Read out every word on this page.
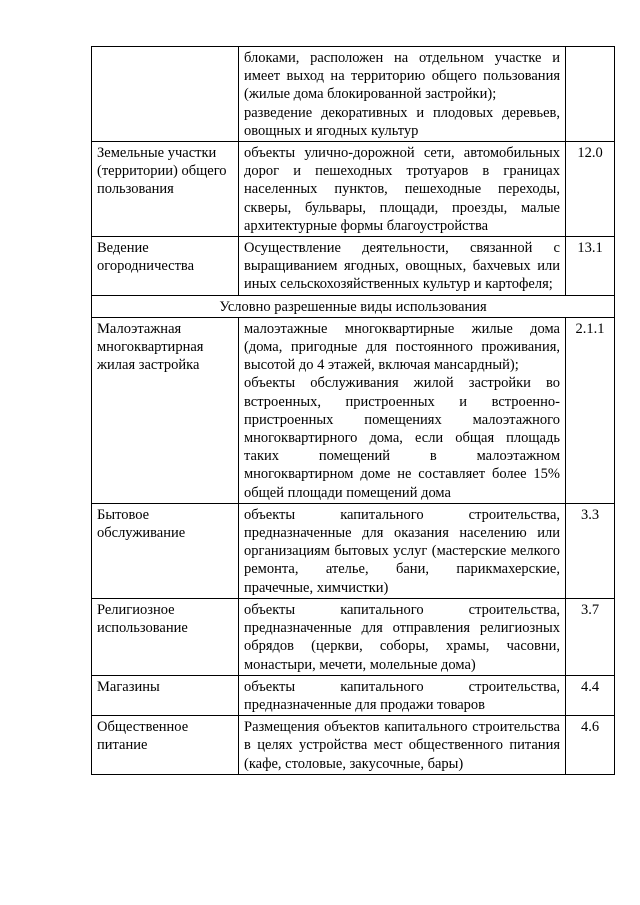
	блоками, расположен на отдельном участке и имеет выход на территорию общего пользования (жилые дома блокированной застройки);
разведение декоративных и плодовых деревьев, овощных и ягодных культур	

Земельные участки (территории) общего пользования	объекты улично-дорожной сети, автомобильных дорог и пешеходных тротуаров в границах населенных пунктов, пешеходные переходы, скверы, бульвары, площади, проезды, малые архитектурные формы благоустройства	12.0
Ведение огородничества	Осуществление деятельности, связанной с выращиванием ягодных, овощных, бахчевых или иных сельскохозяйственных культур и картофеля;	13.1
Условно разрешенные виды использования		
Малоэтажная многоквартирная жилая застройка	малоэтажные многоквартирные жилые дома (дома, пригодные для постоянного проживания, высотой до 4 этажей, включая мансардный);
объекты обслуживания жилой застройки во встроенных, пристроенных и встроенно-пристроенных помещениях малоэтажного многоквартирного дома, если общая площадь таких помещений в малоэтажном многоквартирном доме не составляет более 15% общей площади помещений дома	2.1.1
Бытовое обслуживание	объекты капитального строительства, предназначенные для оказания населению или организациям бытовых услуг (мастерские мелкого ремонта, ателье, бани, парикмахерские, прачечные, химчистки)	3.3
Религиозное использование	объекты капитального строительства, предназначенные для отправления религиозных обрядов (церкви, соборы, храмы, часовни, монастыри, мечети, молельные дома)	3.7
Магазины	объекты капитального строительства, предназначенные для продажи товаров	4.4
Общественное питание	Размещения объектов капитального строительства в целях устройства мест общественного питания (кафе, столовые, закусочные, бары)	4.6
